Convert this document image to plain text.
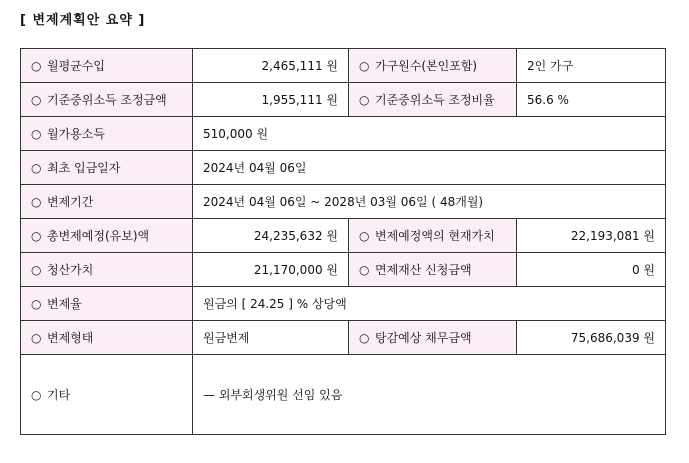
[ 변제계획안 요약 ]
○ 월평균수입	2,465,111 원	○ 가구원수(본인포함)	2인 가구
○ 기준중위소득 조정금액	1,955,111 원	○ 기준중위소득 조정비율	56.6 %
○ 월가용소득	510,000 원		
○ 최초 입금일자	2024년 04월 06일		
○ 변제기간	2024년 04월 06일 ~ 2028년 03월 06일 ( 48개월)		
○ 총변제예정(유보)액	24,235,632 원	○ 변제예정액의 현재가치	22,193,081 원
○ 청산가치	21,170,000 원	○ 면제재산 신청금액	0 원
○ 변제율	원금의 [ 24.25 ] % 상당액		
○ 변제형태	원금변제	○ 탕감예상 채무금액	75,686,039 원
○ 기타	— 외부회생위원 선임 있음		
